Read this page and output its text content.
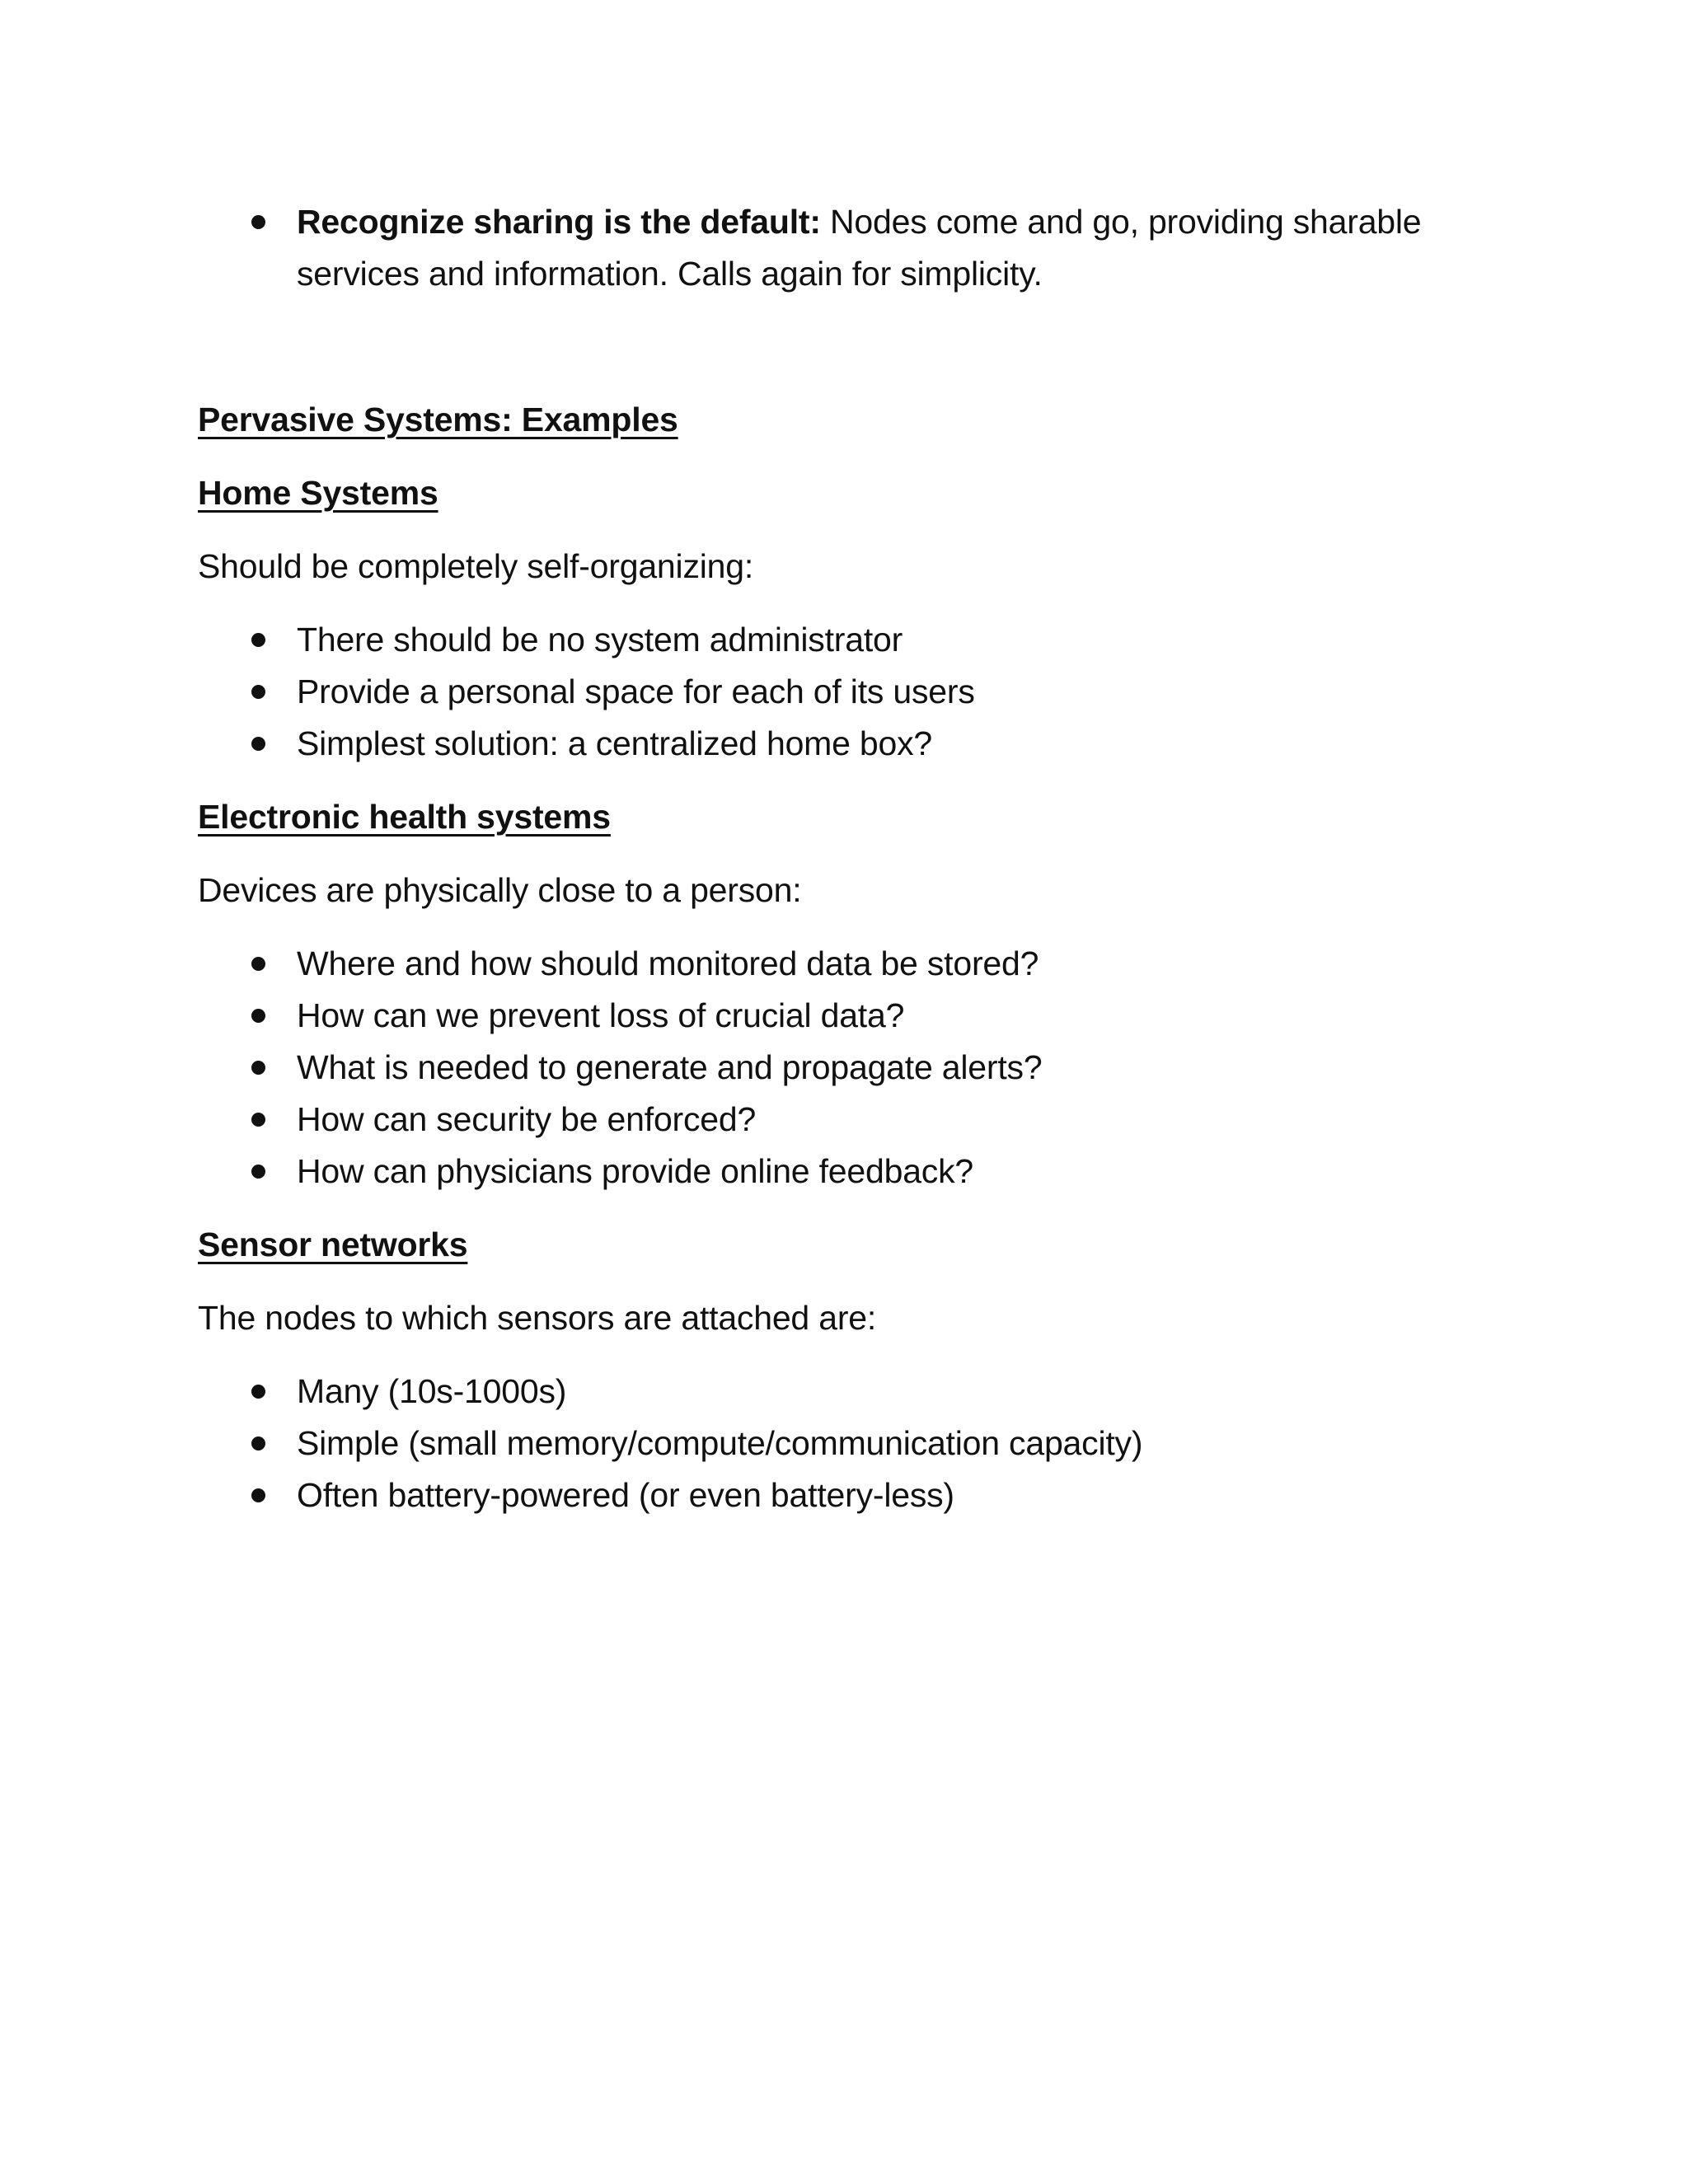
Recognize sharing is the default: Nodes come and go, providing sharable services and information. Calls again for simplicity.
Pervasive Systems: Examples
Home Systems
Should be completely self-organizing:
There should be no system administrator
Provide a personal space for each of its users
Simplest solution: a centralized home box?
Electronic health systems
Devices are physically close to a person:
Where and how should monitored data be stored?
How can we prevent loss of crucial data?
What is needed to generate and propagate alerts?
How can security be enforced?
How can physicians provide online feedback?
Sensor networks
The nodes to which sensors are attached are:
Many (10s-1000s)
Simple (small memory/compute/communication capacity)
Often battery-powered (or even battery-less)
